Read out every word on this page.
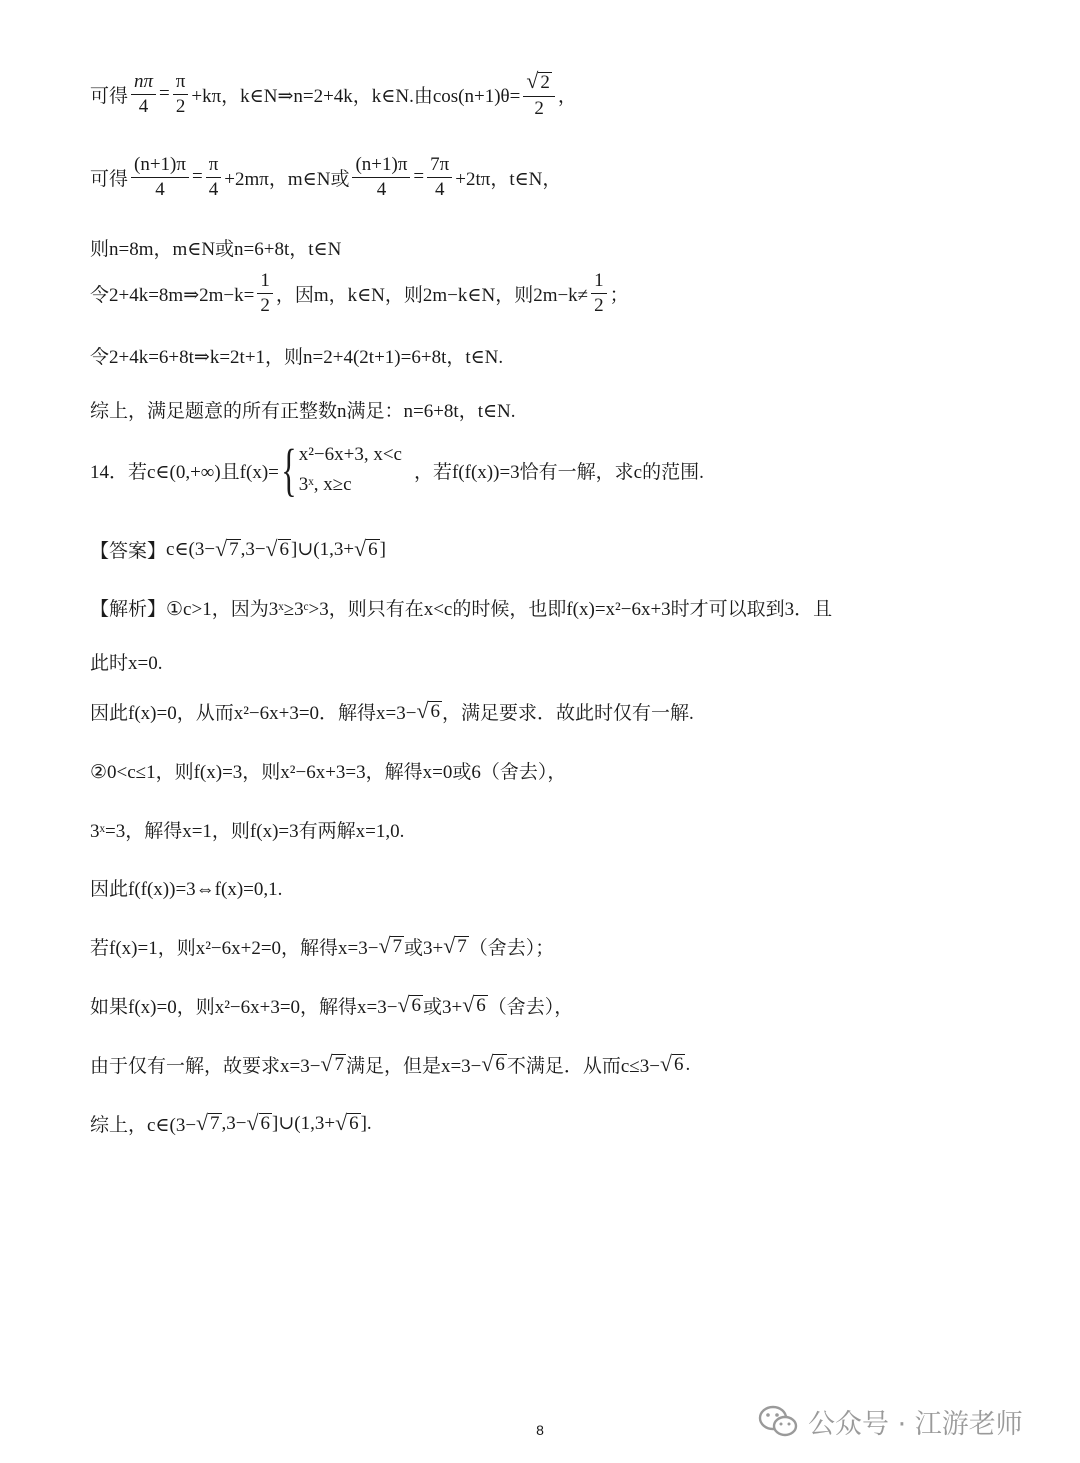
可得 $\frac{n\pi}{4} = \frac{\pi}{2} +k\pi$，k∈N⇒n=2+4k，k∈N.由$\cos(n+1)\theta= \frac{√ 2}{2}$ ，
可得 $\frac{(n+1)\pi}{4} = \frac{\pi}{4} +2m\pi$，m∈N或 $\frac{(n+1)\pi}{4} = \frac{7\pi}{4} +2t\pi$，t∈N，
则n=8m，m∈N或n=6+8t，t∈N
令2+4k=8m⇒2m−k= $\frac{1}{2}$ ，因m，k∈N，则2m−k∈N，则$2m-k\ne \frac{1}{2}$ ；
令2+4k=6+8t⇒k=2t+1，则n=2+4(2t+1)=6+8t，t∈N.
综上，满足题意的所有正整数n满足：n=6+8t，t∈N.
14．若c∈(0,+∞)且f(x)= { x²−6x+3, x<c
3ˣ, x≥c
，若f(f(x))=3恰有一解，求c的范围.
【答案】 c∈(3− √ 7 ,3− √ 6 ]∪(1,3+ √ 6 ]
【解析】 ①c>1，因为3ˣ≥3ᶜ>3，则只有在x<c的时候，也即f(x)=x²−6x+3时才可以取到3．且
此时x=0.
因此f(x)=0，从而x²−6x+3=0．解得x=3− √ 6 ，满足要求．故此时仅有一解.
②0<c≤1，则f(x)=3，则x²−6x+3=3，解得x=0或6（舍去），
3ˣ=3，解得x=1，则f(x)=3有两解x=1,0.
因此f(f(x))=3⇔f(x)=0,1.
若f(x)=1，则x²−6x+2=0，解得x=3− √ 7 或3+ √ 7 （舍去）；
如果f(x)=0，则x²−6x+3=0，解得x=3− √ 6 或3+ √ 6 （舍去），
由于仅有一解，故要求x=3− √ 7 满足，但是x=3− √ 6 不满足．从而c≤3− √ 6 .
综上，c∈(3− √ 7 ,3− √ 6 ]∪(1,3+ √ 6 ].
公众号 · 江游老师
8
